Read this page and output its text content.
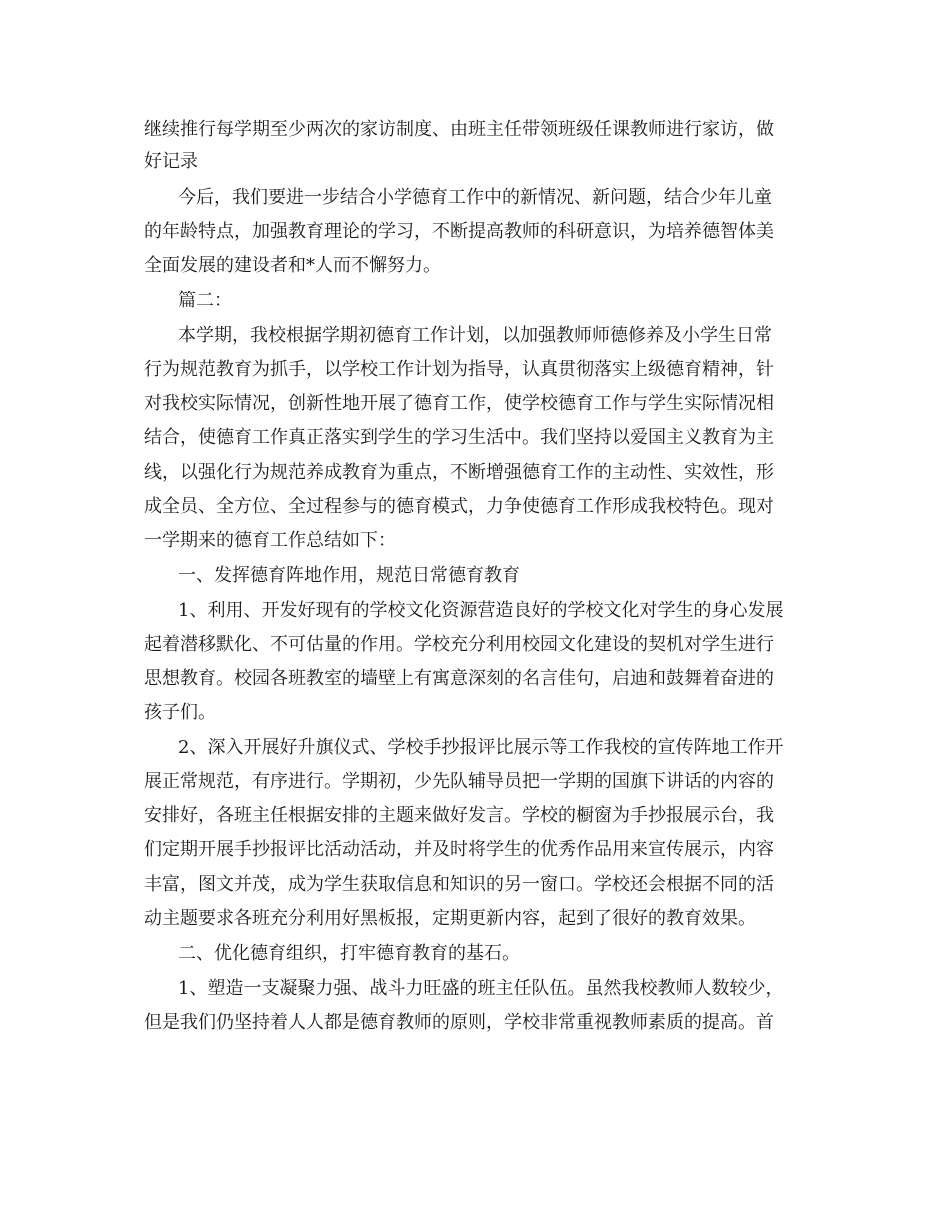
继续推行每学期至少两次的家访制度、由班主任带领班级任课教师进行家访，做
好记录
今后，我们要进一步结合小学德育工作中的新情况、新问题，结合少年儿童
的年龄特点，加强教育理论的学习，不断提高教师的科研意识，为培养德智体美
全面发展的建设者和*人而不懈努力。
篇二：
本学期，我校根据学期初德育工作计划，以加强教师师德修养及小学生日常
行为规范教育为抓手，以学校工作计划为指导，认真贯彻落实上级德育精神，针
对我校实际情况，创新性地开展了德育工作，使学校德育工作与学生实际情况相
结合，使德育工作真正落实到学生的学习生活中。我们坚持以爱国主义教育为主
线，以强化行为规范养成教育为重点，不断增强德育工作的主动性、实效性，形
成全员、全方位、全过程参与的德育模式，力争使德育工作形成我校特色。现对
一学期来的德育工作总结如下：
一、发挥德育阵地作用，规范日常德育教育
1、利用、开发好现有的学校文化资源营造良好的学校文化对学生的身心发展
起着潜移默化、不可估量的作用。学校充分利用校园文化建设的契机对学生进行
思想教育。校园各班教室的墙壁上有寓意深刻的名言佳句，启迪和鼓舞着奋进的
孩子们。
2、深入开展好升旗仪式、学校手抄报评比展示等工作我校的宣传阵地工作开
展正常规范，有序进行。学期初，少先队辅导员把一学期的国旗下讲话的内容的
安排好，各班主任根据安排的主题来做好发言。学校的橱窗为手抄报展示台，我
们定期开展手抄报评比活动活动，并及时将学生的优秀作品用来宣传展示，内容
丰富，图文并茂，成为学生获取信息和知识的另一窗口。学校还会根据不同的活
动主题要求各班充分利用好黑板报，定期更新内容，起到了很好的教育效果。
二、优化德育组织，打牢德育教育的基石。
1、塑造一支凝聚力强、战斗力旺盛的班主任队伍。虽然我校教师人数较少，
但是我们仍坚持着人人都是德育教师的原则，学校非常重视教师素质的提高。首
